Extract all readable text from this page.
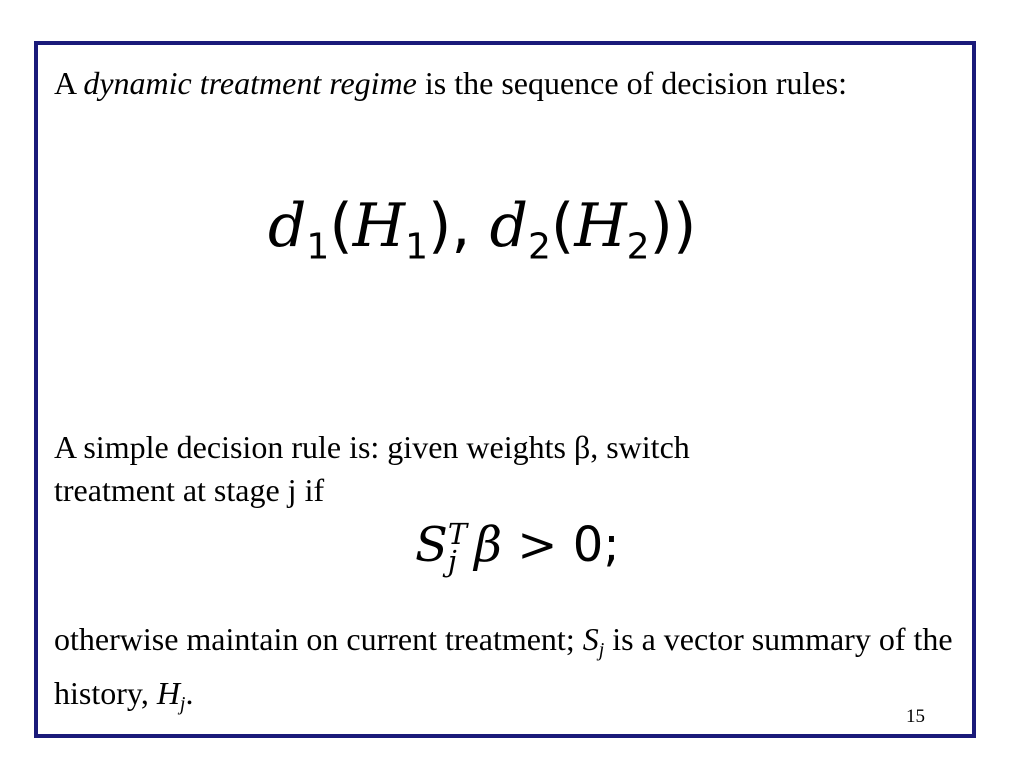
A dynamic treatment regime is the sequence of decision rules:
$d_1(H_1)$, $d_2(H_2)$)
A simple decision rule is: given weights β, switch
treatment at stage j if
S T
j β > 0;
otherwise maintain on current treatment; Sj is a vector summary of the history, Hj.
15
